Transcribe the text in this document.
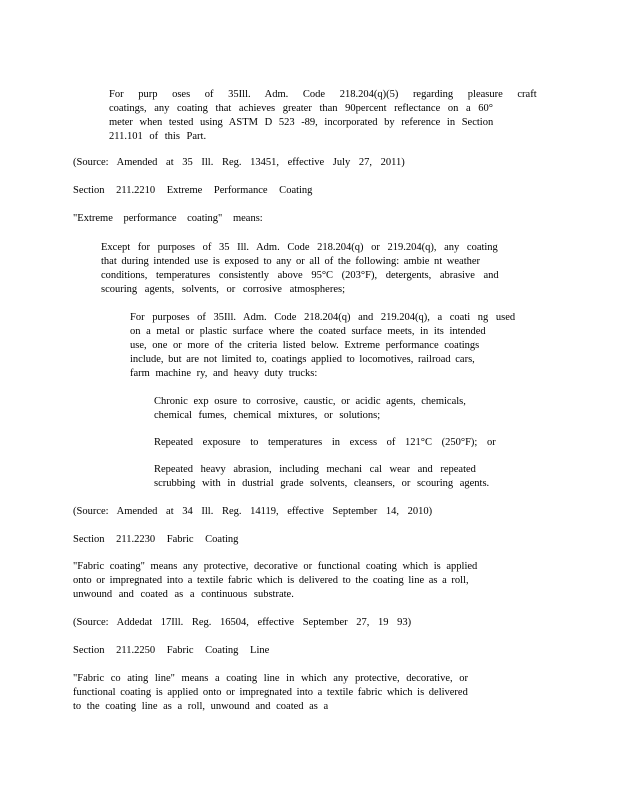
For purp oses of 35Ill. Adm. Code 218.204(q)(5) regarding pleasure craft
coatings, any coating that achieves greater than 90percent reflectance on a 60°
meter when tested using ASTM D 523 -89, incorporated by reference in Section
211.101 of this Part.
(Source: Amended at 35 Ill. Reg. 13451, effective July 27, 2011)
Section 211.2210 Extreme Performance Coating
"Extreme performance coating" means:
Except for purposes of 35 Ill. Adm. Code 218.204(q) or 219.204(q), any coating
that during intended use is exposed to any or all of the following: ambie nt weather
conditions, temperatures consistently above 95°C (203°F), detergents, abrasive and
scouring agents, solvents, or corrosive atmospheres;
For purposes of 35Ill. Adm. Code 218.204(q) and 219.204(q), a coati ng used
on a metal or plastic surface where the coated surface meets, in its intended
use, one or more of the criteria listed below. Extreme performance coatings
include, but are not limited to, coatings applied to locomotives, railroad cars,
farm machine ry, and heavy duty trucks:
Chronic exp osure to corrosive, caustic, or acidic agents, chemicals,
chemical fumes, chemical mixtures, or solutions;
Repeated exposure to temperatures in excess of 121°C (250°F); or
Repeated heavy abrasion, including mechani cal wear and repeated
scrubbing with in dustrial grade solvents, cleansers, or scouring agents.
(Source: Amended at 34 Ill. Reg. 14119, effective September 14, 2010)
Section 211.2230 Fabric Coating
"Fabric coating" means any protective, decorative or functional coating which is applied
onto or impregnated into a textile fabric which is delivered to the coating line as a roll,
unwound and coated as a continuous substrate.
(Source: Addedat 17Ill. Reg. 16504, effective September 27, 19 93)
Section 211.2250 Fabric Coating Line
"Fabric co ating line" means a coating line in which any protective, decorative, or
functional coating is applied onto or impregnated into a textile fabric which is delivered
to the coating line as a roll, unwound and coated as a
